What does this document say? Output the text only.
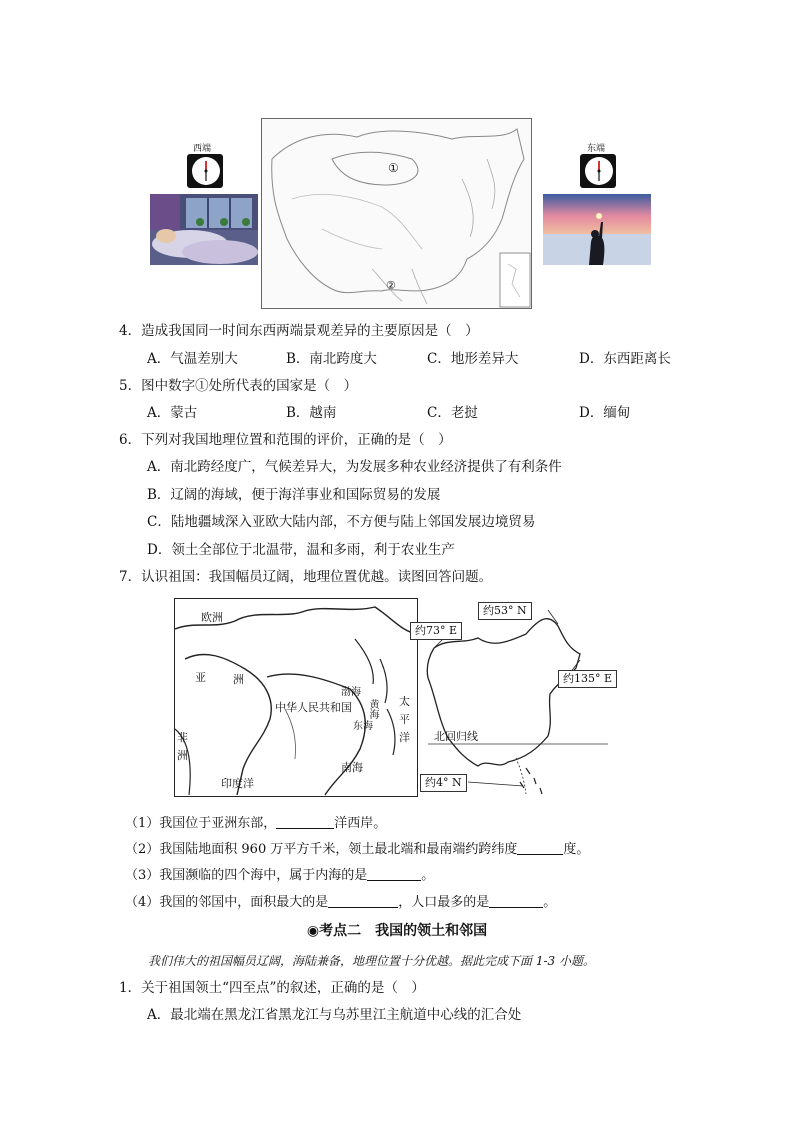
西端
①
②
东端
4．造成我国同一时间东西两端景观差异的主要原因是（　）
A．气温差别大	B．南北跨度大	C．地形差异大	D．东西距离长
5．图中数字①处所代表的国家是（　）
A．蒙古	B．越南	C．老挝	D．缅甸
6．下列对我国地理位置和范围的评价，正确的是（　）
A．南北跨经度广，气候差异大，为发展多种农业经济提供了有利条件
B．辽阔的海域，便于海洋事业和国际贸易的发展
C．陆地疆域深入亚欧大陆内部，不方便与陆上邻国发展边境贸易
D．领土全部位于北温带，温和多雨，利于农业生产
7．认识祖国：我国幅员辽阔，地理位置优越。读图回答问题。
欧洲
亚 洲
非
洲
中华人民共和国
渤海
黄海
东海
南海
太
平
洋
印度洋
约53° N
约73° E
约135° E
北回归线
约4° N
（1）我国位于亚洲东部，	洋西岸。
（2）我国陆地面积 960 万平方千米，领土最北端和最南端约跨纬度	度。
（3）我国濒临的四个海中，属于内海的是	。
（4）我国的邻国中，面积最大的是	，人口最多的是	。
◉考点二　我国的领土和邻国
我们伟大的祖国幅员辽阔，海陆兼备，地理位置十分优越。据此完成下面 1-3 小题。
1．关于祖国领土“四至点”的叙述，正确的是（　）
A．最北端在黑龙江省黑龙江与乌苏里江主航道中心线的汇合处
